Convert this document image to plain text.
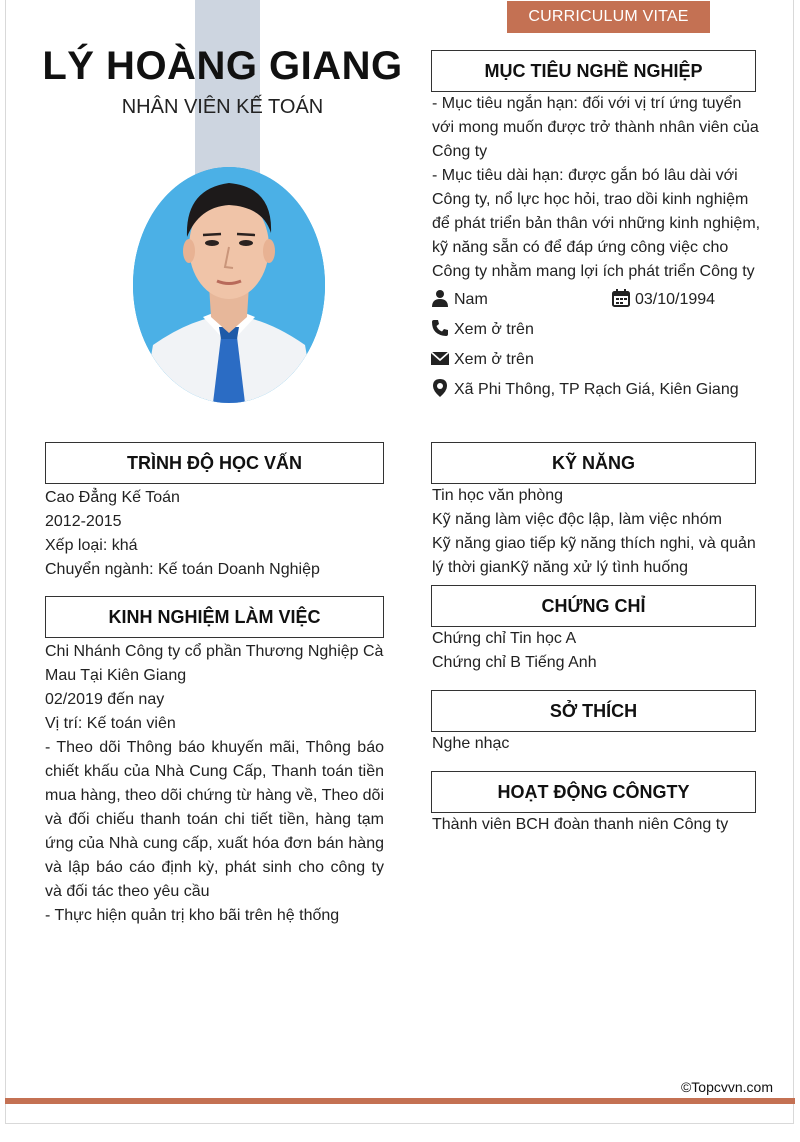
CURRICULUM VITAE
LÝ HOÀNG GIANG
NHÂN VIÊN KẾ TOÁN
MỤC TIÊU NGHỀ NGHIỆP
- Mục tiêu ngắn hạn: đối với vị trí ứng tuyển
với mong muốn được trở thành nhân viên của
Công ty
- Mục tiêu dài hạn: được gắn bó lâu dài với
Công ty, nổ lực học hỏi, trao dồi kinh nghiệm
để phát triển bản thân với những kinh nghiệm,
kỹ năng sẵn có để đáp ứng công việc cho
Công ty nhằm mang lợi ích phát triển Công ty
Nam	03/10/1994
Xem ở trên
Xem ở trên
Xã Phi Thông, TP Rạch Giá, Kiên Giang
TRÌNH ĐỘ HỌC VẤN
Cao Đẳng Kế Toán
2012-2015
Xếp loại: khá
Chuyển ngành: Kế toán Doanh Nghiệp
KINH NGHIỆM LÀM VIỆC
Chi Nhánh Công ty cổ phần Thương Nghiệp Cà
Mau Tại Kiên Giang
02/2019 đến nay
Vị trí: Kế toán viên
- Theo dõi Thông báo khuyến mãi, Thông báo chiết khấu của Nhà Cung Cấp, Thanh toán tiền mua hàng, theo dõi chứng từ hàng về, Theo dõi và đối chiếu thanh toán chi tiết tiền, hàng tạm ứng của Nhà cung cấp, xuất hóa đơn bán hàng và lập báo cáo định kỳ, phát sinh cho công ty và đối tác theo yêu cầu
- Thực hiện quản trị kho bãi trên hệ thống
KỸ NĂNG
Tin học văn phòng
Kỹ năng làm việc độc lập, làm việc nhóm
Kỹ năng giao tiếp kỹ năng thích nghi, và quản
lý thời gianKỹ năng xử lý tình huống
CHỨNG CHỈ
Chứng chỉ Tin học A
Chứng chỉ B Tiếng Anh
SỞ THÍCH
Nghe nhạc
HOẠT ĐỘNG CÔNGTY
Thành viên BCH đoàn thanh niên Công ty
©Topcvvn.com
